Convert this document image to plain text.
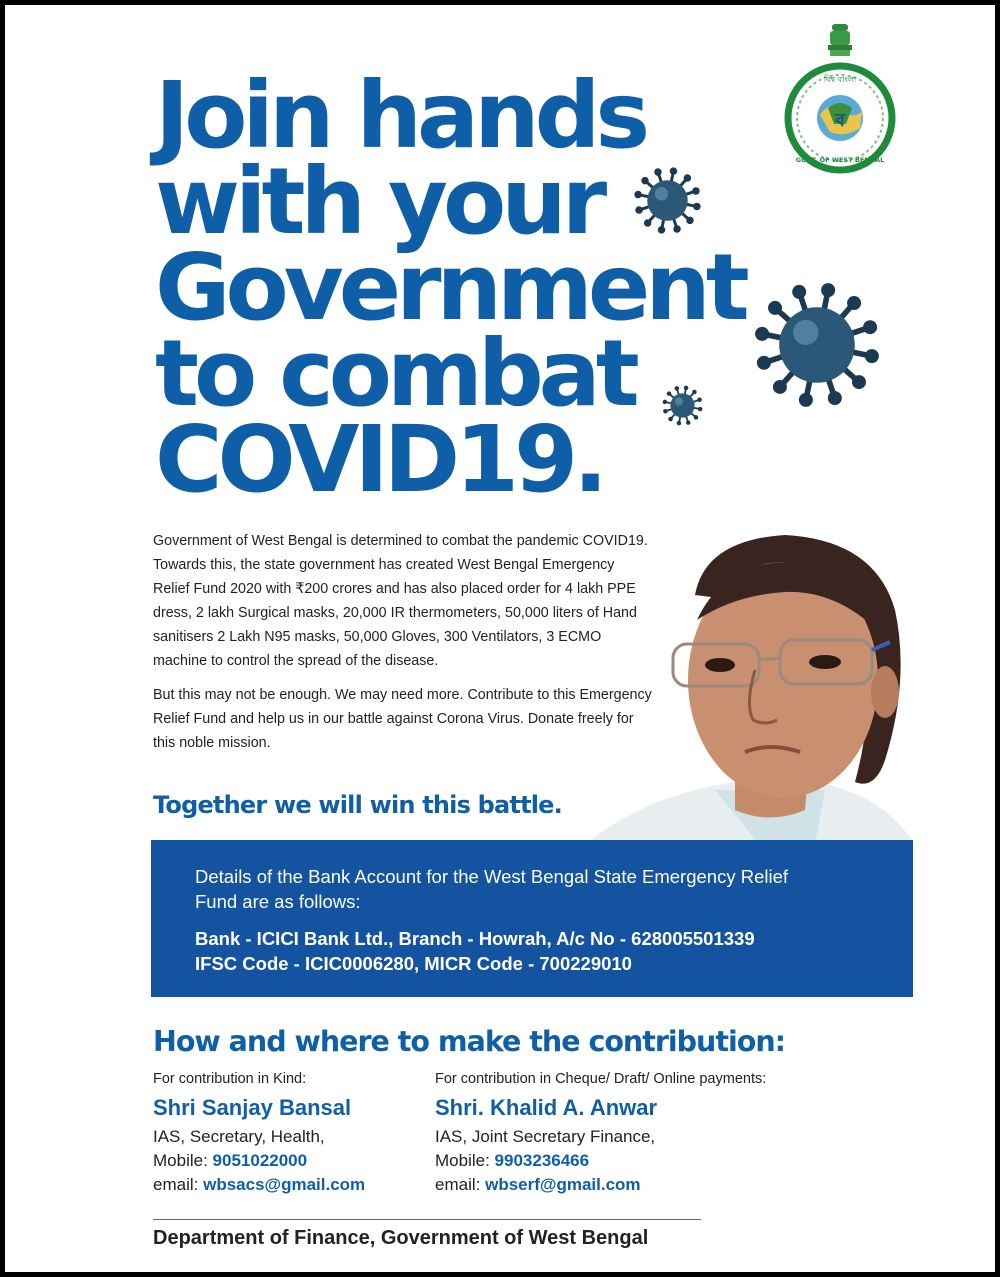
Join hands
with your
Government
to combat
COVID19.
ব
বিশ্ব বাংলা
GOVT. OF WEST BENGAL

Government of West Bengal is determined to combat the pandemic COVID19. Towards this, the state government has created West Bengal Emergency Relief Fund 2020 with ₹200 crores and has also placed order for 4 lakh PPE dress, 2 lakh Surgical masks, 20,000 IR thermometers, 50,000 liters of Hand sanitisers 2 Lakh N95 masks, 50,000 Gloves, 300 Ventilators, 3 ECMO machine to control the spread of the disease.

But this may not be enough. We may need more. Contribute to this Emergency Relief Fund and help us in our battle against Corona Virus. Donate freely for this noble mission.

Together we will win this battle.
Details of the Bank Account for the West Bengal State Emergency Relief Fund are as follows:
Bank - ICICI Bank Ltd., Branch - Howrah, A/c No - 628005501339
IFSC Code - ICIC0006280, MICR Code - 700229010
How and where to make the contribution:
For contribution in Kind:
Shri Sanjay Bansal
IAS, Secretary, Health,
Mobile: 9051022000
email: wbsacs@gmail.com
For contribution in Cheque/ Draft/ Online payments:
Shri. Khalid A. Anwar
IAS, Joint Secretary Finance,
Mobile: 9903236466
email: wbserf@gmail.com
Department of Finance, Government of West Bengal
